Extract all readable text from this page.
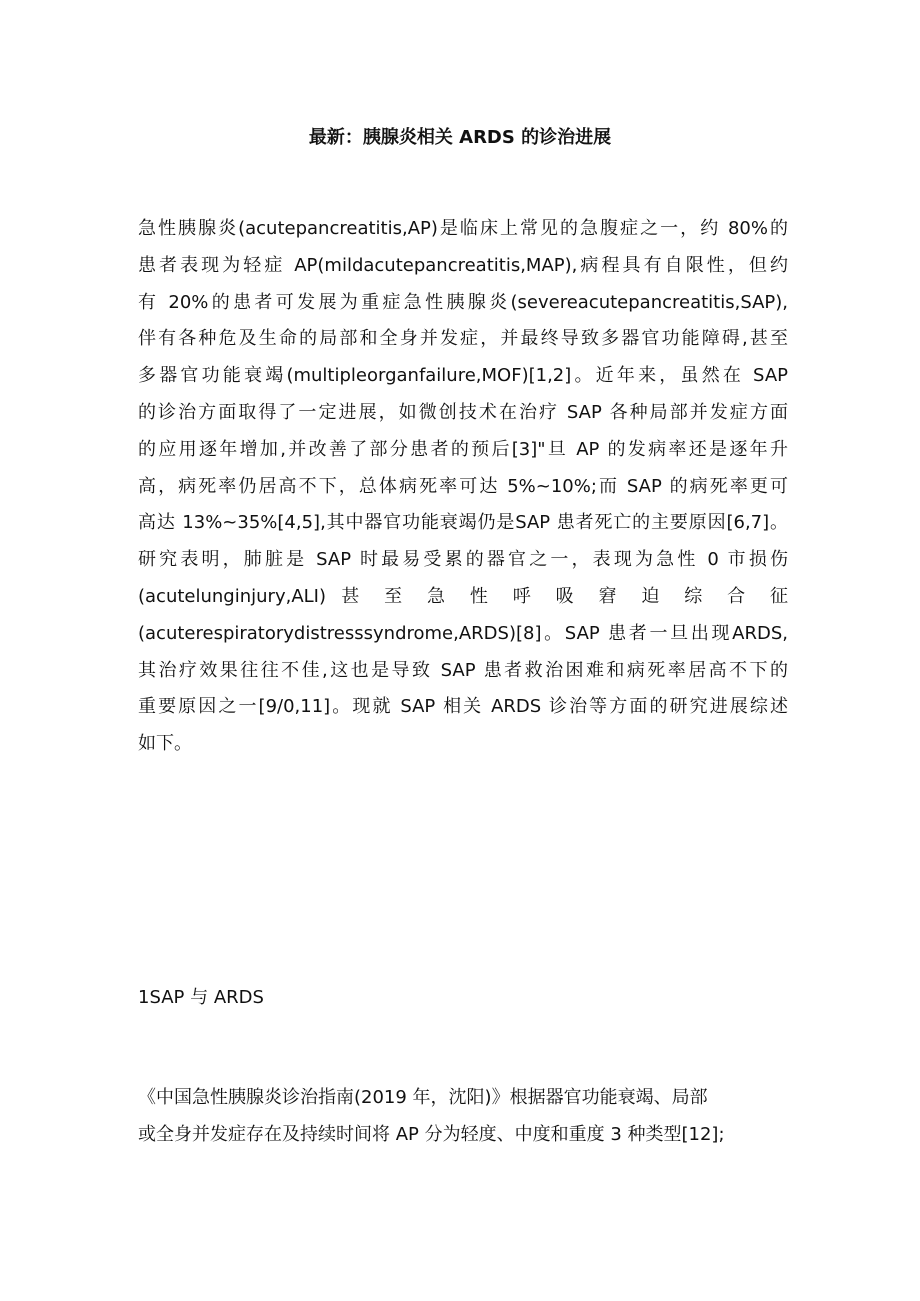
最新：胰腺炎相关 ARDS 的诊治进展
急性胰腺炎(acutepancreatitis,AP)是临床上常见的急腹症之一，约 80%的
患者表现为轻症 AP(mildacutepancreatitis,MAP),病程具有自限性，但约
有 20%的患者可发展为重症急性胰腺炎(severeacutepancreatitis,SAP),
伴有各种危及生命的局部和全身并发症，并最终导致多器官功能障碍,甚至
多器官功能衰竭(multipleorganfailure,MOF)[1,2]。近年来，虽然在 SAP
的诊治方面取得了一定进展，如微创技术在治疗 SAP 各种局部并发症方面
的应用逐年增加,并改善了部分患者的预后[3]"旦 AP 的发病率还是逐年升
高，病死率仍居高不下，总体病死率可达 5%~10%;而 SAP 的病死率更可
高达 13%~35%[4,5],其中器官功能衰竭仍是SAP 患者死亡的主要原因[6,7]。
研究表明，肺脏是 SAP 时最易受累的器官之一，表现为急性 0 市损伤
(acutelunginjury,ALI) 甚 至 急 性 呼 吸 窘 迫 综 合 征
(acuterespiratorydistresssyndrome,ARDS)[8]。SAP 患者一旦出现ARDS,
其治疗效果往往不佳,这也是导致 SAP 患者救治困难和病死率居高不下的
重要原因之一[9/0,11]。现就 SAP 相关 ARDS 诊治等方面的研究进展综述
如下。
1SAP 与 ARDS
《中国急性胰腺炎诊治指南(2019 年，沈阳)》根据器官功能衰竭、局部
或全身并发症存在及持续时间将 AP 分为轻度、中度和重度 3 种类型[12];
